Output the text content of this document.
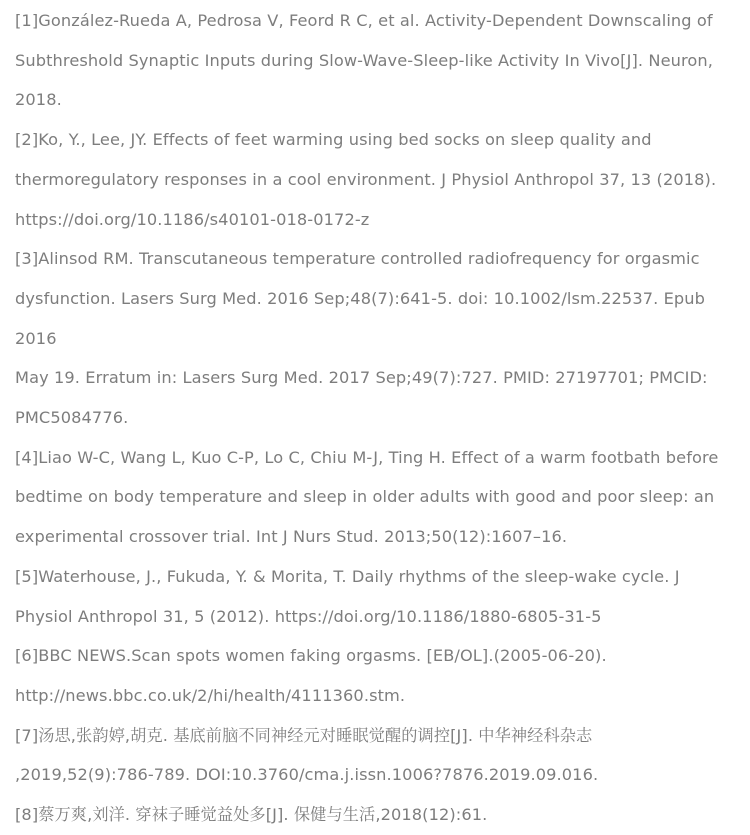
[1]González-Rueda A, Pedrosa V, Feord R C, et al. Activity-Dependent Downscaling of
Subthreshold Synaptic Inputs during Slow-Wave-Sleep-like Activity In Vivo[J]. Neuron,
2018.

[2]Ko, Y., Lee, JY. Effects of feet warming using bed socks on sleep quality and
thermoregulatory responses in a cool environment. J Physiol Anthropol 37, 13 (2018).
https://doi.org/10.1186/s40101-018-0172-z

[3]Alinsod RM. Transcutaneous temperature controlled radiofrequency for orgasmic
dysfunction. Lasers Surg Med. 2016 Sep;48(7):641-5. doi: 10.1002/lsm.22537. Epub 2016
May 19. Erratum in: Lasers Surg Med. 2017 Sep;49(7):727. PMID: 27197701; PMCID:
PMC5084776.

[4]Liao W-C, Wang L, Kuo C-P, Lo C, Chiu M-J, Ting H. Effect of a warm footbath before
bedtime on body temperature and sleep in older adults with good and poor sleep: an
experimental crossover trial. Int J Nurs Stud. 2013;50(12):1607–16.

[5]Waterhouse, J., Fukuda, Y. & Morita, T. Daily rhythms of the sleep-wake cycle. J
Physiol Anthropol 31, 5 (2012). https://doi.org/10.1186/1880-6805-31-5

[6]BBC NEWS.Scan spots women faking orgasms. [EB/OL].(2005-06-20).
http://news.bbc.co.uk/2/hi/health/4111360.stm.

[7]汤思,张韵婷,胡克. 基底前脑不同神经元对睡眠觉醒的调控[J]. 中华神经科杂志
,2019,52(9):786-789. DOI:10.3760/cma.j.issn.1006?7876.2019.09.016.

[8]蔡万爽,刘洋. 穿袜子睡觉益处多[J]. 保健与生活,2018(12):61.
